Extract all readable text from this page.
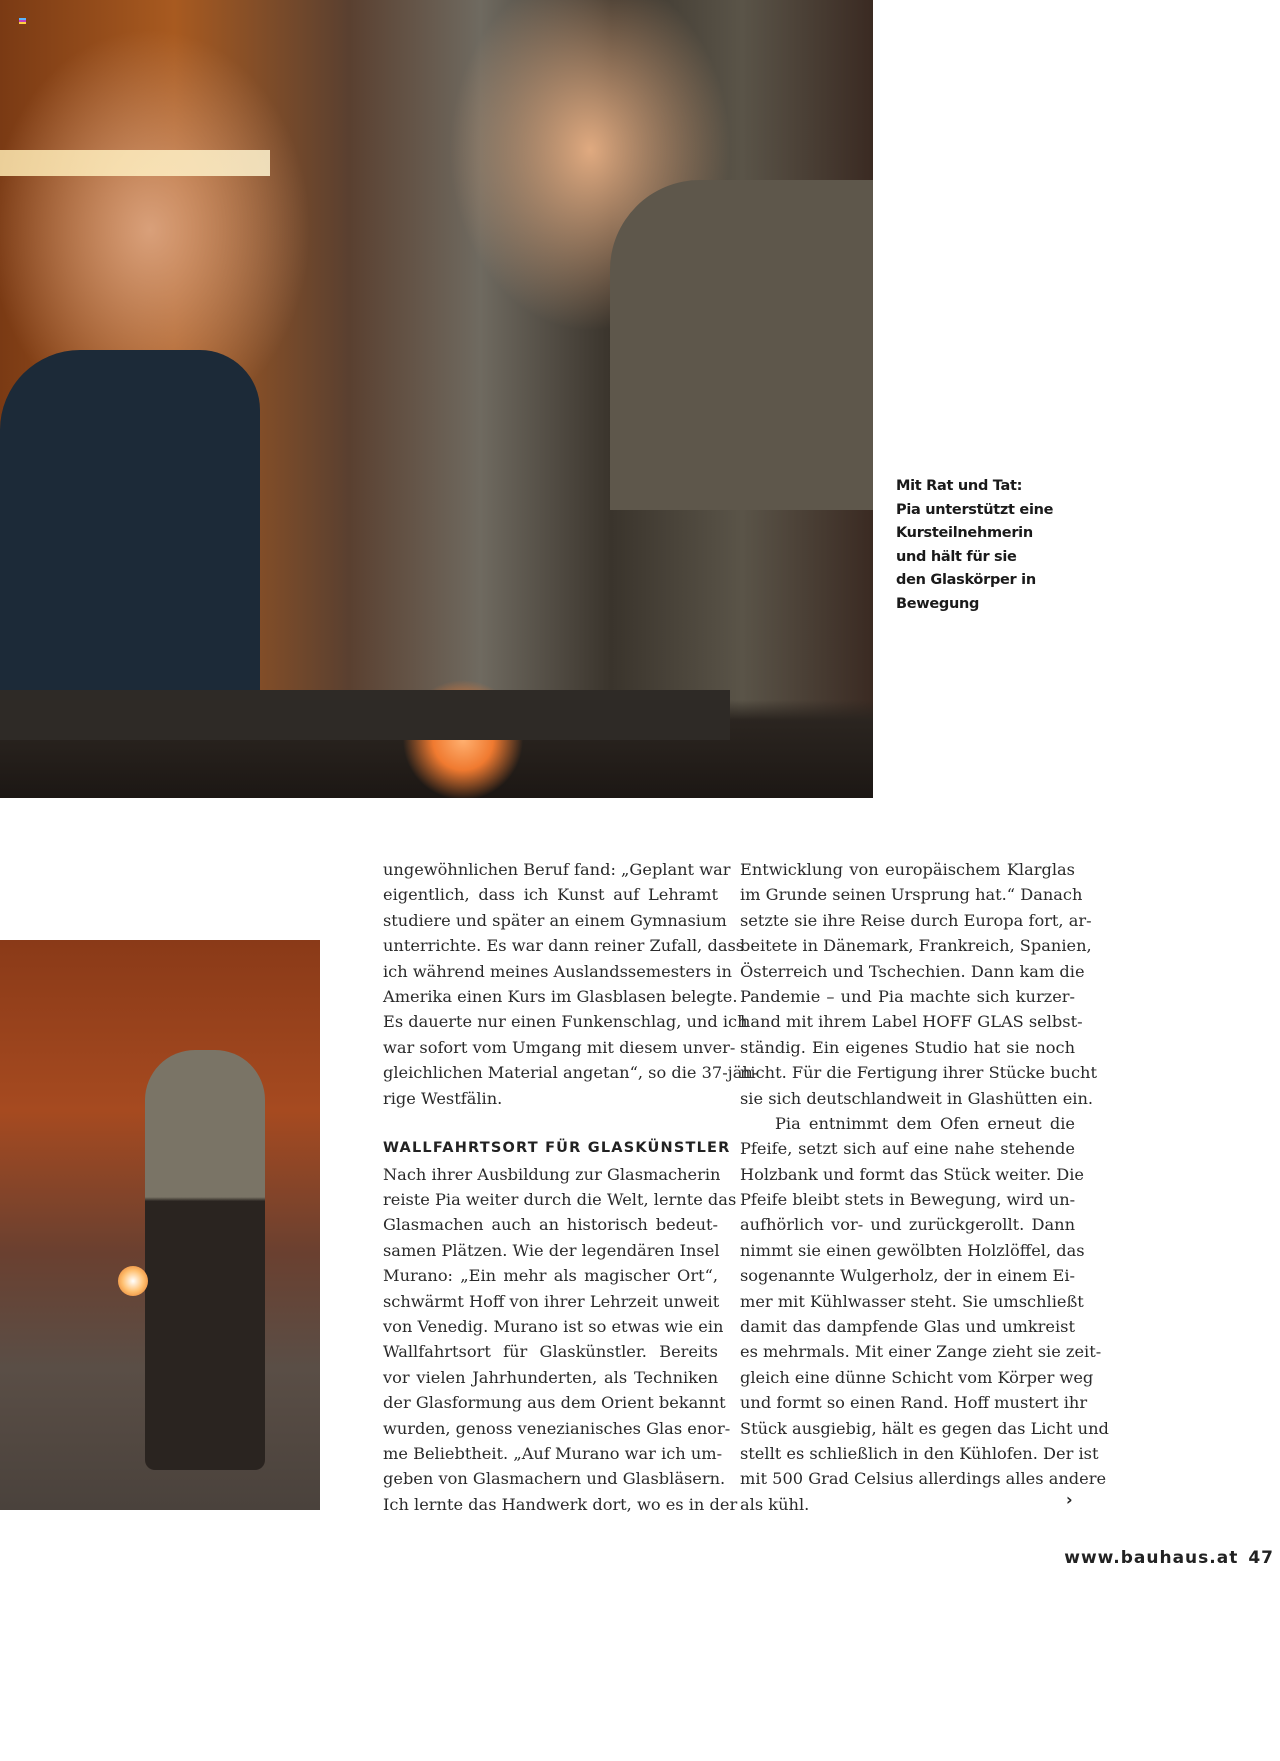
Mit Rat und Tat:
Pia unterstützt eine
Kursteilnehmerin
und hält für sie
den Glaskörper in
Bewegung
ungewöhnlichen Beruf fand: „Geplant war
eigentlich, dass ich Kunst auf Lehramt
studiere und später an einem Gymnasium
unterrichte. Es war dann reiner Zufall, dass
ich während meines Auslandssemesters in
Amerika einen Kurs im Glasblasen belegte.
Es dauerte nur einen Funkenschlag, und ich
war sofort vom Umgang mit diesem unver-
gleichlichen Material angetan“, so die 37-jäh-
rige Westfälin.
WALLFAHRTSORT FÜR GLASKÜNSTLER
Nach ihrer Ausbildung zur Glasmacherin
reiste Pia weiter durch die Welt, lernte das
Glasmachen auch an historisch bedeut-
samen Plätzen. Wie der legendären Insel
Murano: „Ein mehr als magischer Ort“,
schwärmt Hoff von ihrer Lehrzeit unweit
von Venedig. Murano ist so etwas wie ein
Wallfahrtsort für Glaskünstler. Bereits
vor vielen Jahrhunderten, als Techniken
der Glasformung aus dem Orient bekannt
wurden, genoss venezianisches Glas enor-
me Beliebtheit. „Auf Murano war ich um-
geben von Glasmachern und Glasbläsern.
Ich lernte das Handwerk dort, wo es in der
Entwicklung von europäischem Klarglas
im Grunde seinen Ursprung hat.“ Danach
setzte sie ihre Reise durch Europa fort, ar-
beitete in Dänemark, Frankreich, Spanien,
Österreich und Tschechien. Dann kam die
Pandemie – und Pia machte sich kurzer-
hand mit ihrem Label HOFF GLAS selbst-
ständig. Ein eigenes Studio hat sie noch
nicht. Für die Fertigung ihrer Stücke bucht
sie sich deutschlandweit in Glashütten ein.
Pia entnimmt dem Ofen erneut die
Pfeife, setzt sich auf eine nahe stehende
Holzbank und formt das Stück weiter. Die
Pfeife bleibt stets in Bewegung, wird un-
aufhörlich vor- und zurückgerollt. Dann
nimmt sie einen gewölbten Holzlöffel, das
sogenannte Wulgerholz, der in einem Ei-
mer mit Kühlwasser steht. Sie umschließt
damit das dampfende Glas und umkreist
es mehrmals. Mit einer Zange zieht sie zeit-
gleich eine dünne Schicht vom Körper weg
und formt so einen Rand. Hoff mustert ihr
Stück ausgiebig, hält es gegen das Licht und
stellt es schließlich in den Kühlofen. Der ist
mit 500 Grad Celsius allerdings alles andere
als kühl.	›
www.bauhaus.at 47
